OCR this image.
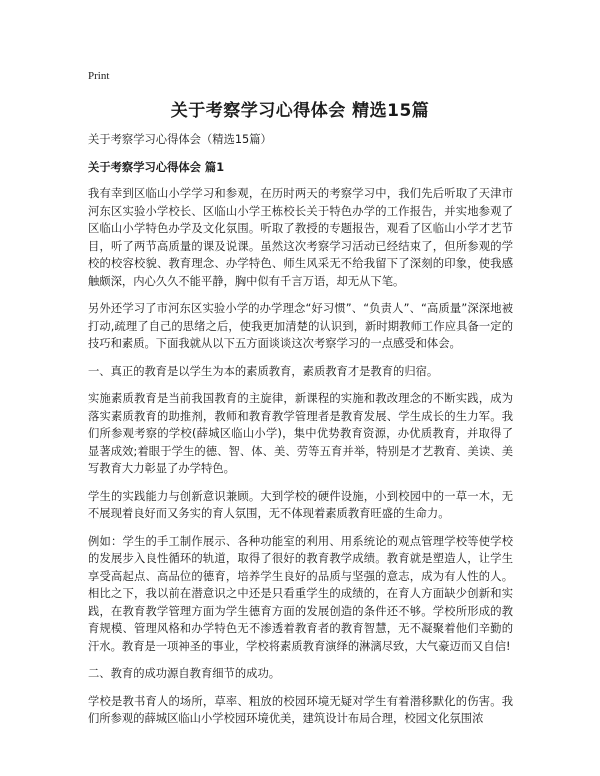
Print
关于考察学习心得体会 精选15篇

关于考察学习心得体会（精选15篇）

关于考察学习心得体会 篇1

我有幸到区临山小学学习和参观，在历时两天的考察学习中，我们先后听取了天津市河东区实验小学校长、区临山小学王栋校长关于特色办学的工作报告，并实地参观了区临山小学特色办学及文化氛围。听取了教授的专题报告，观看了区临山小学才艺节目，听了两节高质量的课及说课。虽然这次考察学习活动已经结束了，但所参观的学校的校容校貌、教育理念、办学特色、师生风采无不给我留下了深刻的印象，使我感触颇深，内心久久不能平静，胸中似有千言万语，却无从下笔。

另外还学习了市河东区实验小学的办学理念“好习惯”、“负责人”、“高质量”深深地被打动,疏理了自己的思绪之后，使我更加清楚的认识到，新时期教师工作应具备一定的技巧和素质。下面我就从以下五方面谈谈这次考察学习的一点感受和体会。

一、真正的教育是以学生为本的素质教育，素质教育才是教育的归宿。

实施素质教育是当前我国教育的主旋律，新课程的实施和教改理念的不断实践，成为落实素质教育的助推剂，教师和教育教学管理者是教育发展、学生成长的生力军。我们所参观考察的学校(薛城区临山小学)，集中优势教育资源，办优质教育，并取得了显著成效;着眼于学生的德、智、体、美、劳等五育并举，特别是才艺教育、美读、美写教育大力彰显了办学特色。

学生的实践能力与创新意识兼顾。大到学校的硬件设施，小到校园中的一草一木，无不展现着良好而又务实的育人氛围，无不体现着素质教育旺盛的生命力。

例如：学生的手工制作展示、各种功能室的利用、用系统论的观点管理学校等使学校的发展步入良性循环的轨道，取得了很好的教育教学成绩。教育就是塑造人，让学生享受高起点、高品位的德育，培养学生良好的品质与坚强的意志，成为有人性的人。相比之下，我以前在潜意识之中还是只看重学生的成绩的，在育人方面缺少创新和实践，在教育教学管理方面为学生德育方面的发展创造的条件还不够。学校所形成的教育规模、管理风格和办学特色无不渗透着教育者的教育智慧，无不凝聚着他们辛勤的汗水。教育是一项神圣的事业，学校将素质教育演绎的淋漓尽致，大气豪迈而又自信!

二、教育的成功源自教育细节的成功。

学校是教书育人的场所，草率、粗放的校园环境无疑对学生有着潜移默化的伤害。我们所参观的薛城区临山小学校园环境优美，建筑设计布局合理，校园文化氛围浓
